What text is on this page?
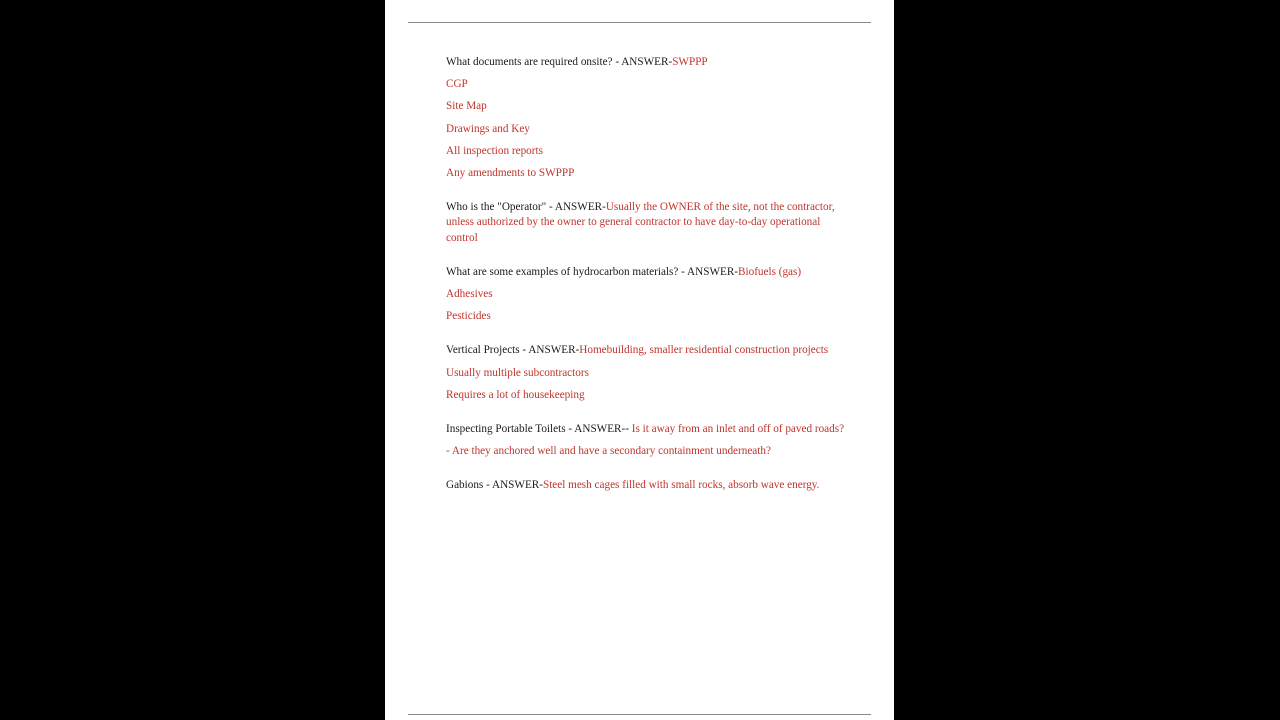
What documents are required onsite? - ANSWER-SWPPP

CGP

Site Map

Drawings and Key

All inspection reports

Any amendments to SWPPP

Who is the "Operator" - ANSWER-Usually the OWNER of the site, not the contractor, unless authorized by the owner to general contractor to have day-to-day operational control

What are some examples of hydrocarbon materials? - ANSWER-Biofuels (gas)

Adhesives

Pesticides

Vertical Projects - ANSWER-Homebuilding, smaller residential construction projects

Usually multiple subcontractors

Requires a lot of housekeeping

Inspecting Portable Toilets - ANSWER-- Is it away from an inlet and off of paved roads?

- Are they anchored well and have a secondary containment underneath?

Gabions - ANSWER-Steel mesh cages filled with small rocks, absorb wave energy.
